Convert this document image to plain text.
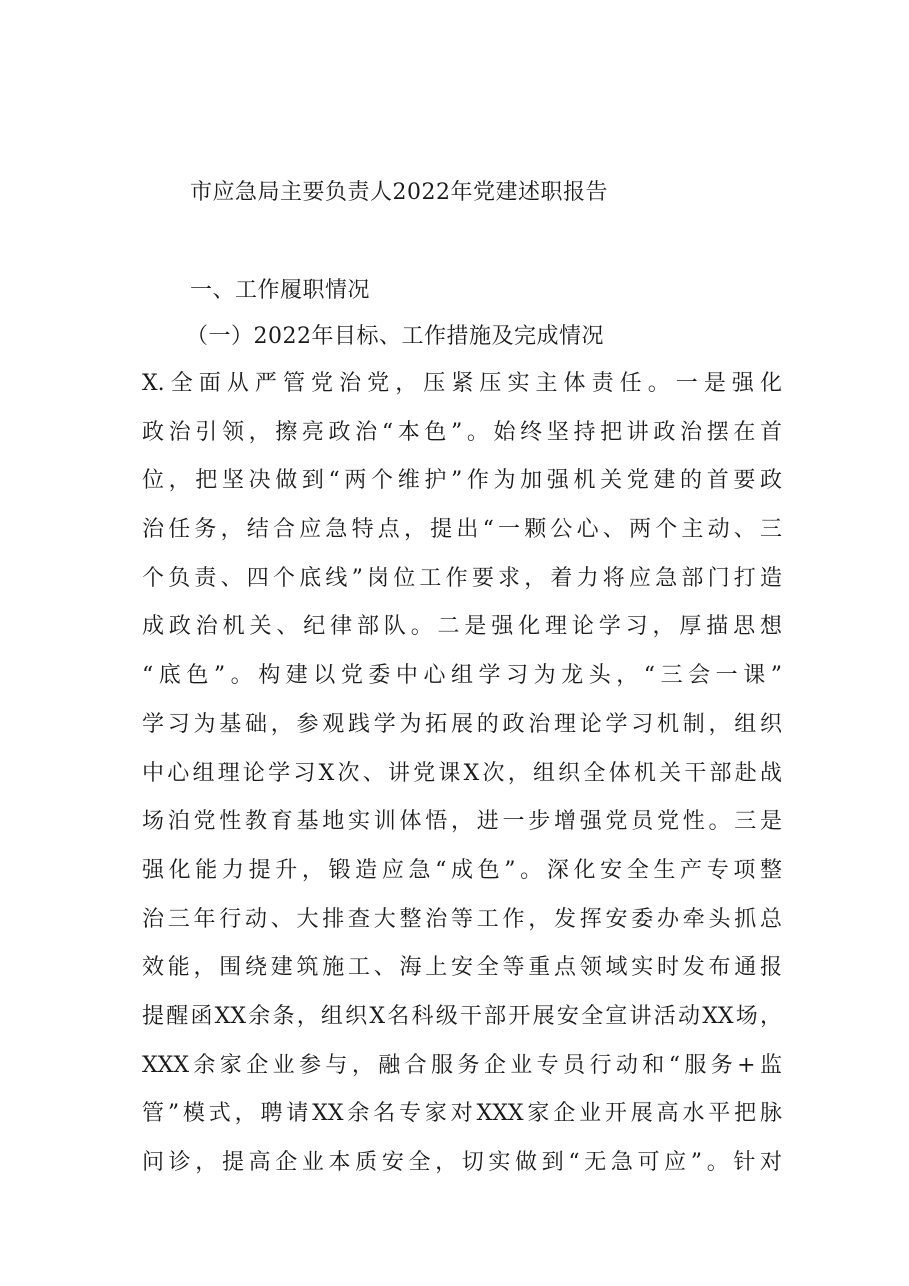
市应急局主要负责人2022年党建述职报告
一、工作履职情况
（一）2022年目标、工作措施及完成情况
X.全面从严管党治党，压紧压实主体责任。一是强化
政治引领，擦亮政治“本色”。始终坚持把讲政治摆在首
位，把坚决做到“两个维护”作为加强机关党建的首要政
治任务，结合应急特点，提出“一颗公心、两个主动、三
个负责、四个底线”岗位工作要求，着力将应急部门打造
成政治机关、纪律部队。二是强化理论学习，厚描思想
“底色”。构建以党委中心组学习为龙头，“三会一课”
学习为基础，参观践学为拓展的政治理论学习机制，组织
中心组理论学习X次、讲党课X次，组织全体机关干部赴战
场泊党性教育基地实训体悟，进一步增强党员党性。三是
强化能力提升，锻造应急“成色”。深化安全生产专项整
治三年行动、大排查大整治等工作，发挥安委办牵头抓总
效能，围绕建筑施工、海上安全等重点领域实时发布通报
提醒函XX余条，组织X名科级干部开展安全宣讲活动XX场，
XXX余家企业参与，融合服务企业专员行动和“服务+监
管”模式，聘请XX余名专家对XXX家企业开展高水平把脉
问诊，提高企业本质安全，切实做到“无急可应”。针对
